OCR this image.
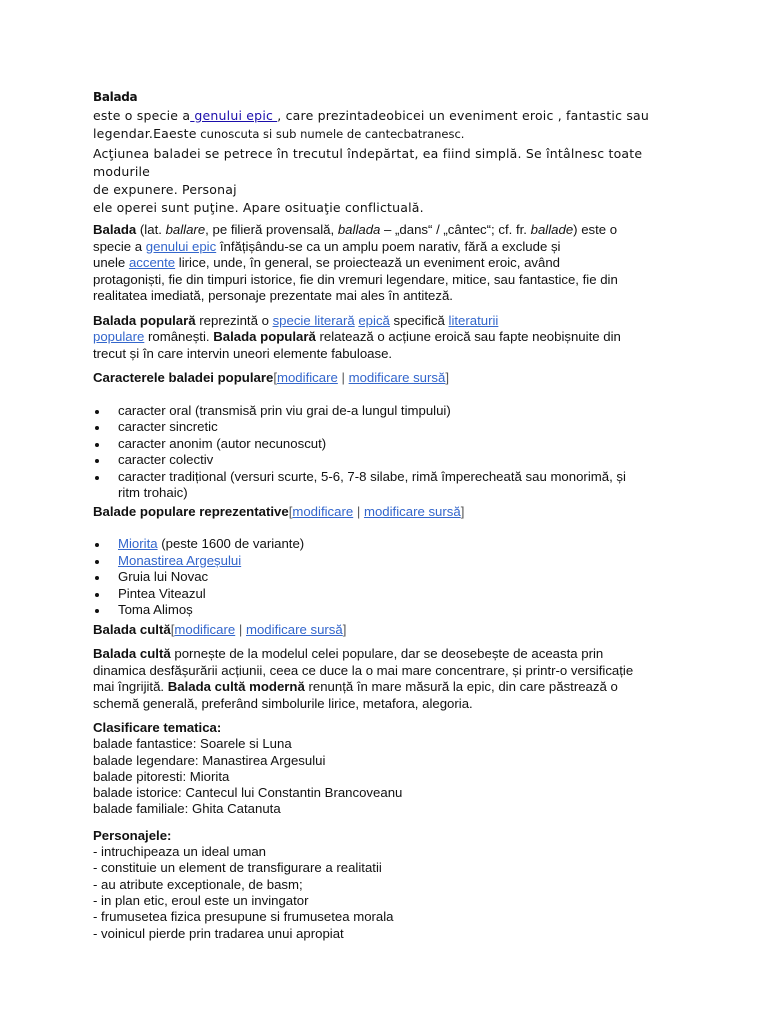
Balada

este o specie a genului epic , care prezintadeobicei un eveniment eroic , fantastic sau

legendar.Eaeste cunoscuta si sub numele de cantecbatranesc.

Acţiunea baladei se petrece în trecutul îndepărtat, ea fiind simplă. Se întâlnesc toate

modurile

de expunere. Personaj

ele operei sunt puţine. Apare osituaţie conflictuală.

Balada (lat. ballare, pe filieră provensală, ballada – „dans“ / „cântec“; cf. fr. ballade) este o

specie a genului epic înfățișându-se ca un amplu poem narativ, fără a exclude și

unele accente lirice, unde, în general, se proiectează un eveniment eroic, având

protagoniști, fie din timpuri istorice, fie din vremuri legendare, mitice, sau fantastice, fie din

realitatea imediată, personaje prezentate mai ales în antiteză.

Balada populară reprezintă o specie literară epică specifică literaturii

populare românești. Balada populară relatează o acțiune eroică sau fapte neobișnuite din

trecut și în care intervin uneori elemente fabuloase.

Caracterele baladei populare[modificare | modificare sursă]

caracter oral (transmisă prin viu grai de-a lungul timpului)
caracter sincretic
caracter anonim (autor necunoscut)
caracter colectiv
caracter tradițional (versuri scurte, 5-6, 7-8 silabe, rimă împerecheată sau monorimă, și
ritm trohaic)

Balade populare reprezentative[modificare | modificare sursă]

Miorita (peste 1600 de variante)
Monastirea Argeșului
Gruia lui Novac
Pintea Viteazul
Toma Alimoș

Balada cultă[modificare | modificare sursă]

Balada cultă pornește de la modelul celei populare, dar se deosebește de aceasta prin

dinamica desfășurării acțiunii, ceea ce duce la o mai mare concentrare, și printr-o versificație

mai îngrijită. Balada cultă modernă renunță în mare măsură la epic, din care păstrează o

schemă generală, preferând simbolurile lirice, metafora, alegoria.

Clasificare tematica:

balade fantastice: Soarele si Luna

balade legendare: Manastirea Argesului

balade pitoresti: Miorita

balade istorice: Cantecul lui Constantin Brancoveanu

balade familiale: Ghita Catanuta

Personajele:

- intruchipeaza un ideal uman

- constituie un element de transfigurare a realitatii

- au atribute exceptionale, de basm;

- in plan etic, eroul este un invingator

- frumusetea fizica presupune si frumusetea morala

- voinicul pierde prin tradarea unui apropiat
